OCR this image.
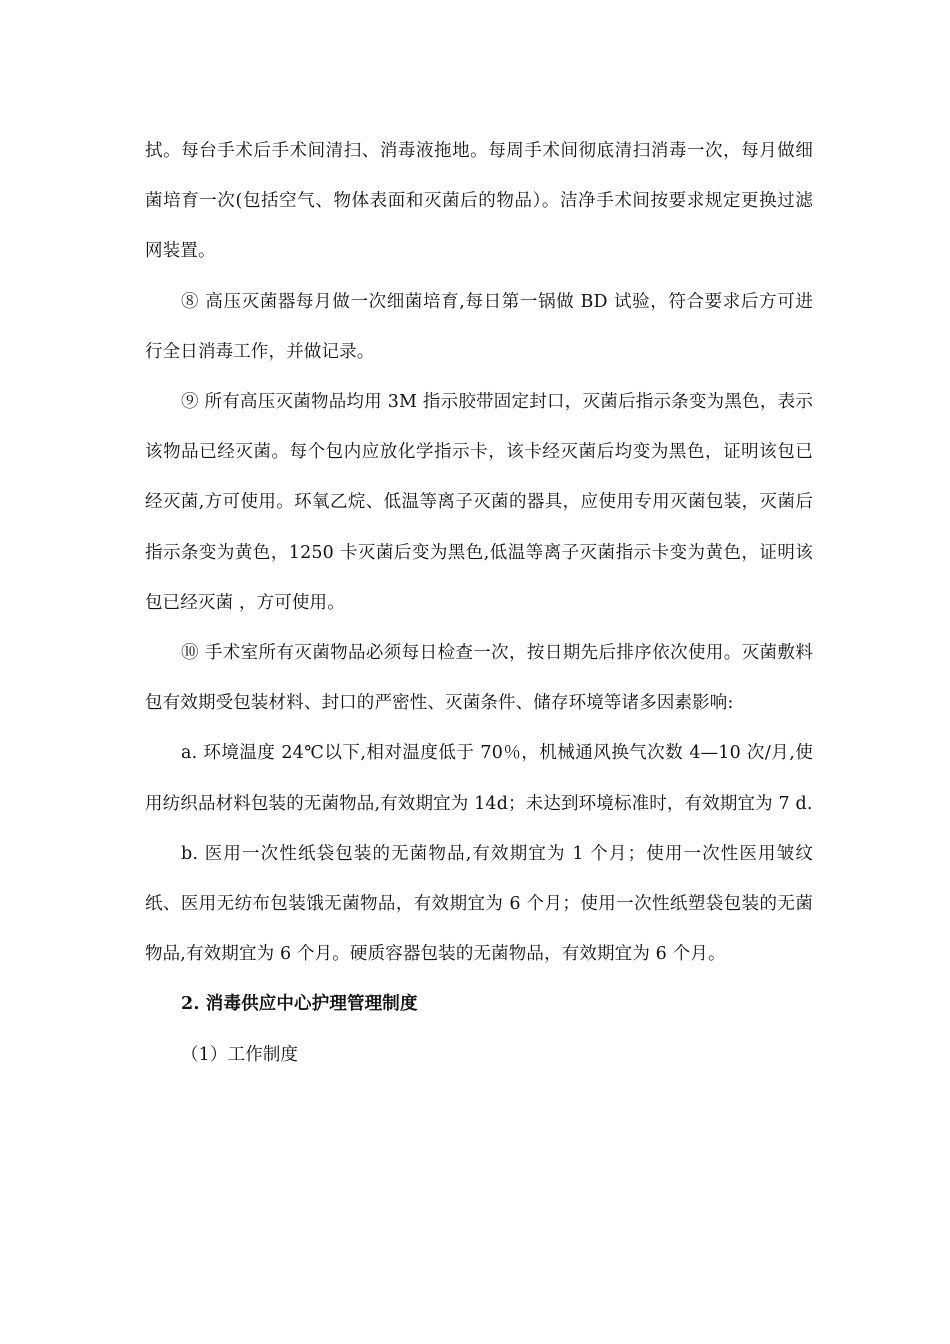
拭。每台手术后手术间清扫、消毒液拖地。每周手术间彻底清扫消毒一次，每月做细菌培育一次(包括空气、物体表面和灭菌后的物品）。洁净手术间按要求规定更换过滤网装置。

⑧ 高压灭菌器每月做一次细菌培育,每日第一锅做 BD 试验，符合要求后方可进行全日消毒工作，并做记录。

⑨ 所有高压灭菌物品均用 3M 指示胶带固定封口，灭菌后指示条变为黑色，表示该物品已经灭菌。每个包内应放化学指示卡，该卡经灭菌后均变为黑色，证明该包已经灭菌,方可使用。环氧乙烷、低温等离子灭菌的器具，应使用专用灭菌包装，灭菌后指示条变为黄色，1250 卡灭菌后变为黑色,低温等离子灭菌指示卡变为黄色，证明该包已经灭菌 ，方可使用。

⑩ 手术室所有灭菌物品必须每日检查一次，按日期先后排序依次使用。灭菌敷料包有效期受包装材料、封口的严密性、灭菌条件、储存环境等诸多因素影响:

a. 环境温度 24℃以下,相对温度低于 70％，机械通风换气次数 4—10 次/月,使用纺织品材料包装的无菌物品,有效期宜为 14d；未达到环境标准时，有效期宜为 7 d.

b. 医用一次性纸袋包装的无菌物品,有效期宜为 1 个月；使用一次性医用皱纹纸、医用无纺布包装饿无菌物品，有效期宜为 6 个月；使用一次性纸塑袋包装的无菌物品,有效期宜为 6 个月。硬质容器包装的无菌物品，有效期宜为 6 个月。

2. 消毒供应中心护理管理制度

（1）工作制度
